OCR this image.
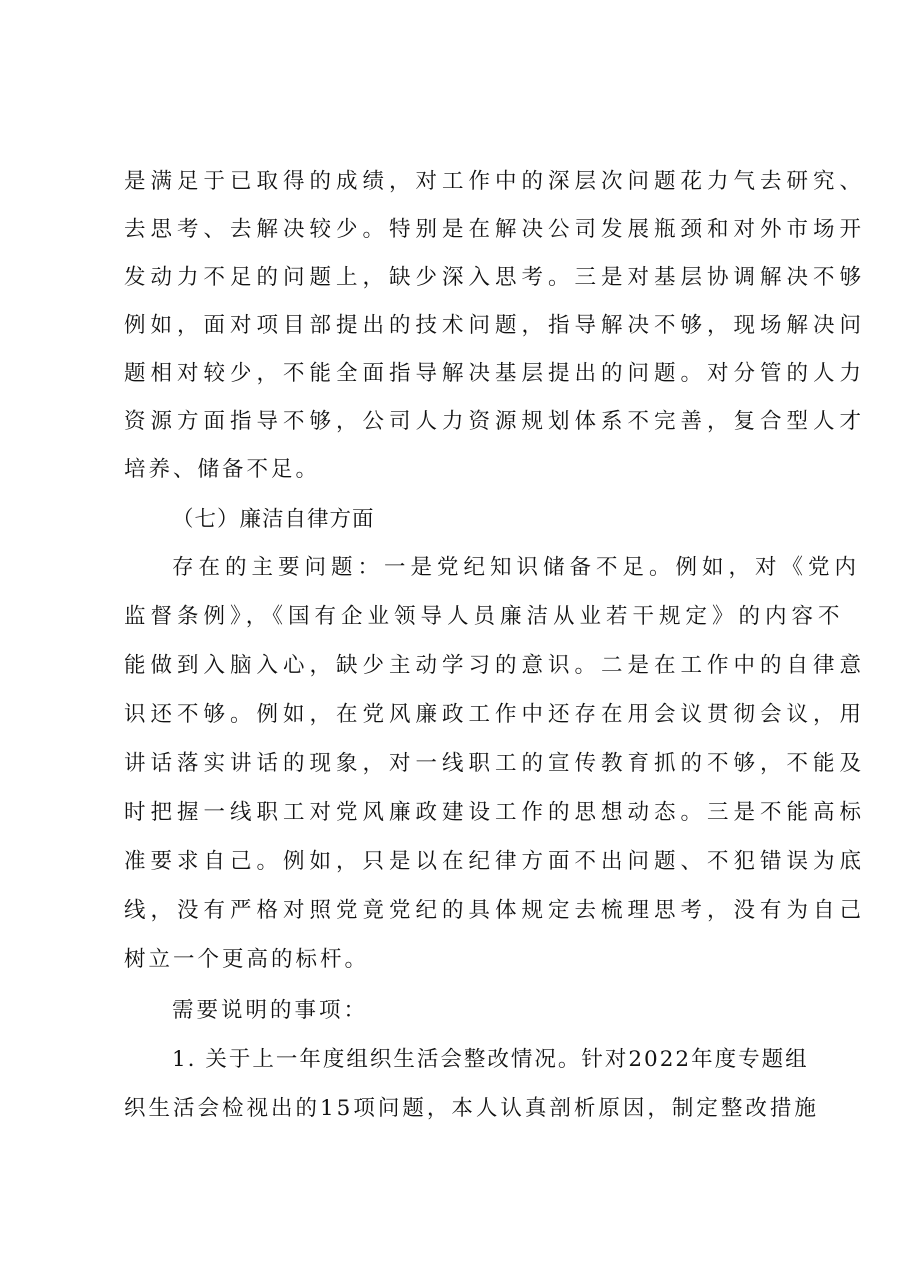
是满足于已取得的成绩，对工作中的深层次问题花力气去研究、
去思考、去解决较少。特别是在解决公司发展瓶颈和对外市场开
发动力不足的问题上，缺少深入思考。三是对基层协调解决不够
例如，面对项目部提出的技术问题，指导解决不够，现场解决问
题相对较少，不能全面指导解决基层提出的问题。对分管的人力
资源方面指导不够，公司人力资源规划体系不完善，复合型人才
培养、储备不足。
（七）廉洁自律方面
存在的主要问题：一是党纪知识储备不足。例如，对《党内
监督条例》，《国有企业领导人员廉洁从业若干规定》的内容不
能做到入脑入心，缺少主动学习的意识。二是在工作中的自律意
识还不够。例如，在党风廉政工作中还存在用会议贯彻会议，用
讲话落实讲话的现象，对一线职工的宣传教育抓的不够，不能及
时把握一线职工对党风廉政建设工作的思想动态。三是不能高标
准要求自己。例如，只是以在纪律方面不出问题、不犯错误为底
线，没有严格对照党竟党纪的具体规定去梳理思考，没有为自己
树立一个更高的标杆。
需要说明的事项：
1. 关于上一年度组织生活会整改情况。针对2022年度专题组
织生活会检视出的15项问题，本人认真剖析原因，制定整改措施
